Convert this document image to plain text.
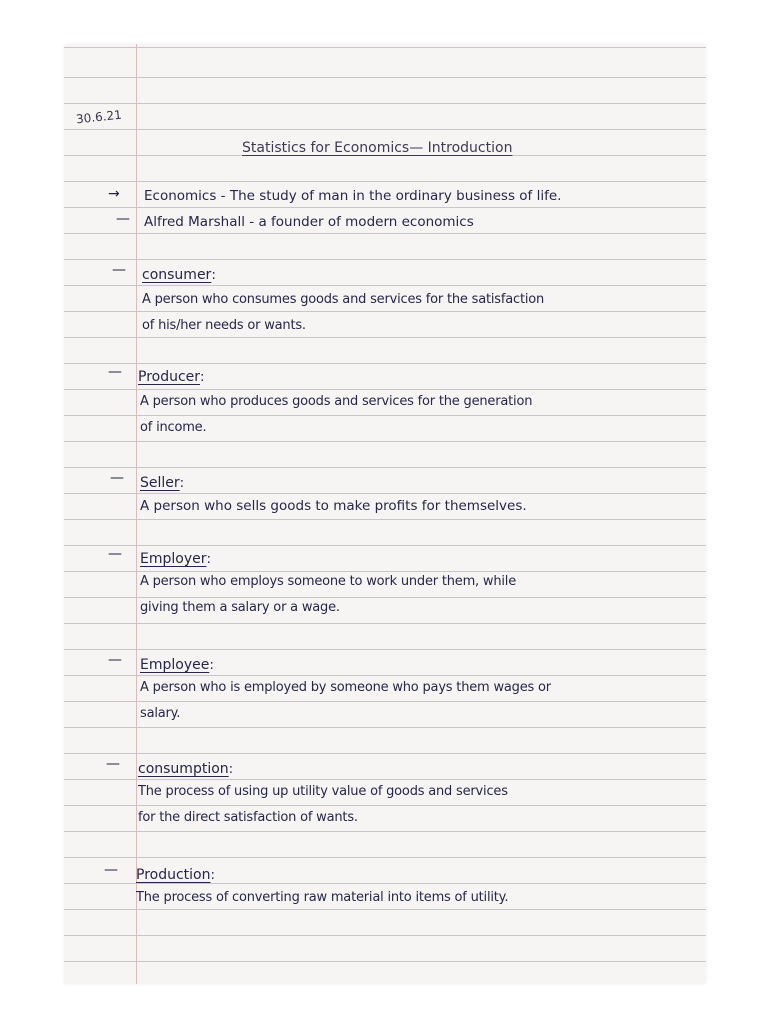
30.6.21
Statistics for Economics— Introduction
→ Economics - The study of man in the ordinary business of life.
— Alfred Marshall - a founder of modern economics
— consumer:
A person who consumes goods and services for the satisfaction
of his/her needs or wants.
— Producer:
A person who produces goods and services for the generation
of income.
— Seller:
A person who sells goods to make profits for themselves.
— Employer:
A person who employs someone to work under them, while
giving them a salary or a wage.
— Employee:
A person who is employed by someone who pays them wages or
salary.
— consumption:
The process of using up utility value of goods and services
for the direct satisfaction of wants.
— Production:
The process of converting raw material into items of utility.
